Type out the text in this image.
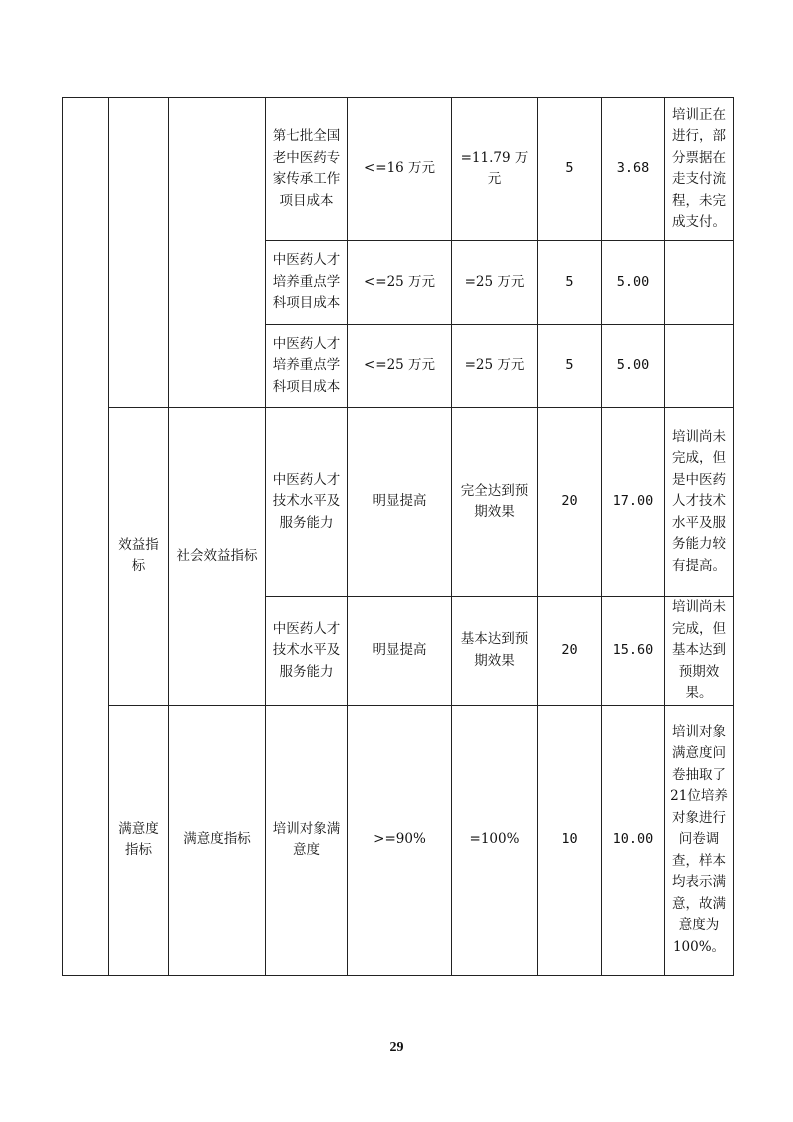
			第七批全国老中医药专家传承工作项目成本	<=16 万元	=11.79 万元	5	3.68	培训正在进行，部分票据在走支付流程，未完成支付。
			中医药人才培养重点学科项目成本	<=25 万元	=25 万元	5	5.00	
			中医药人才培养重点学科项目成本	<=25 万元	=25 万元	5	5.00	
	效益指标	社会效益指标	中医药人才技术水平及服务能力	明显提高	完全达到预期效果	20	17.00	培训尚未完成，但是中医药人才技术水平及服务能力较有提高。
			中医药人才技术水平及服务能力	明显提高	基本达到预期效果	20	15.60	培训尚未完成，但基本达到预期效果。
	满意度指标	满意度指标	培训对象满意度	>=90%	=100%	10	10.00	培训对象满意度问卷抽取了21位培养对象进行问卷调查，样本均表示满意，故满意度为100%。
29
